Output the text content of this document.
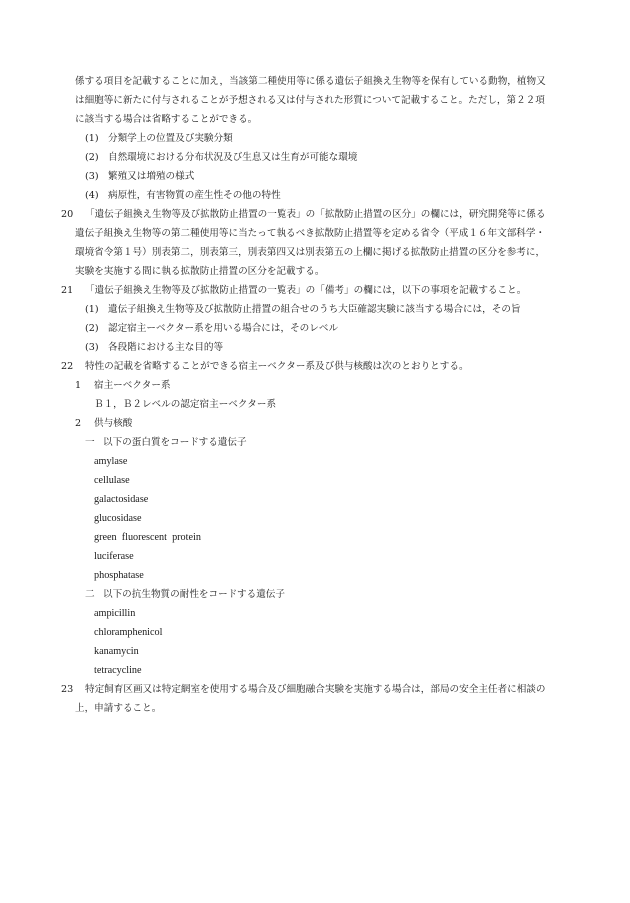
係する項目を記載することに加え，当該第二種使用等に係る遺伝子組換え生物等を保有している動物，植物又
は細胞等に新たに付与されることが予想される又は付与された形質について記載すること。ただし，第２２項
に該当する場合は省略することができる。
(1) 分類学上の位置及び実験分類
(2) 自然環境における分布状況及び生息又は生育が可能な環境
(3) 繁殖又は増殖の様式
(4) 病原性，有害物質の産生性その他の特性
20 「遺伝子組換え生物等及び拡散防止措置の一覧表」の「拡散防止措置の区分」の欄には，研究開発等に係る
遺伝子組換え生物等の第二種使用等に当たって執るべき拡散防止措置等を定める省令（平成１６年文部科学・
環境省令第１号）別表第二，別表第三，別表第四又は別表第五の上欄に掲げる拡散防止措置の区分を参考に，
実験を実施する間に執る拡散防止措置の区分を記載する。
21 「遺伝子組換え生物等及び拡散防止措置の一覧表」の「備考」の欄には，以下の事項を記載すること。
(1) 遺伝子組換え生物等及び拡散防止措置の組合せのうち大臣確認実験に該当する場合には，その旨
(2) 認定宿主ーベクター系を用いる場合には，そのレベル
(3) 各段階における主な目的等
22 特性の記載を省略することができる宿主ーベクター系及び供与核酸は次のとおりとする。
1 宿主ーベクター系
Ｂ１，Ｂ２レベルの認定宿主ーベクター系
2 供与核酸
一 以下の蛋白質をコードする遺伝子
amylase
cellulase
galactosidase
glucosidase
green  fluorescent  protein
luciferase
phosphatase
二 以下の抗生物質の耐性をコードする遺伝子
ampicillin
chloramphenicol
kanamycin
tetracycline
23 特定飼育区画又は特定網室を使用する場合及び細胞融合実験を実施する場合は，部局の安全主任者に相談の
上，申請すること。
